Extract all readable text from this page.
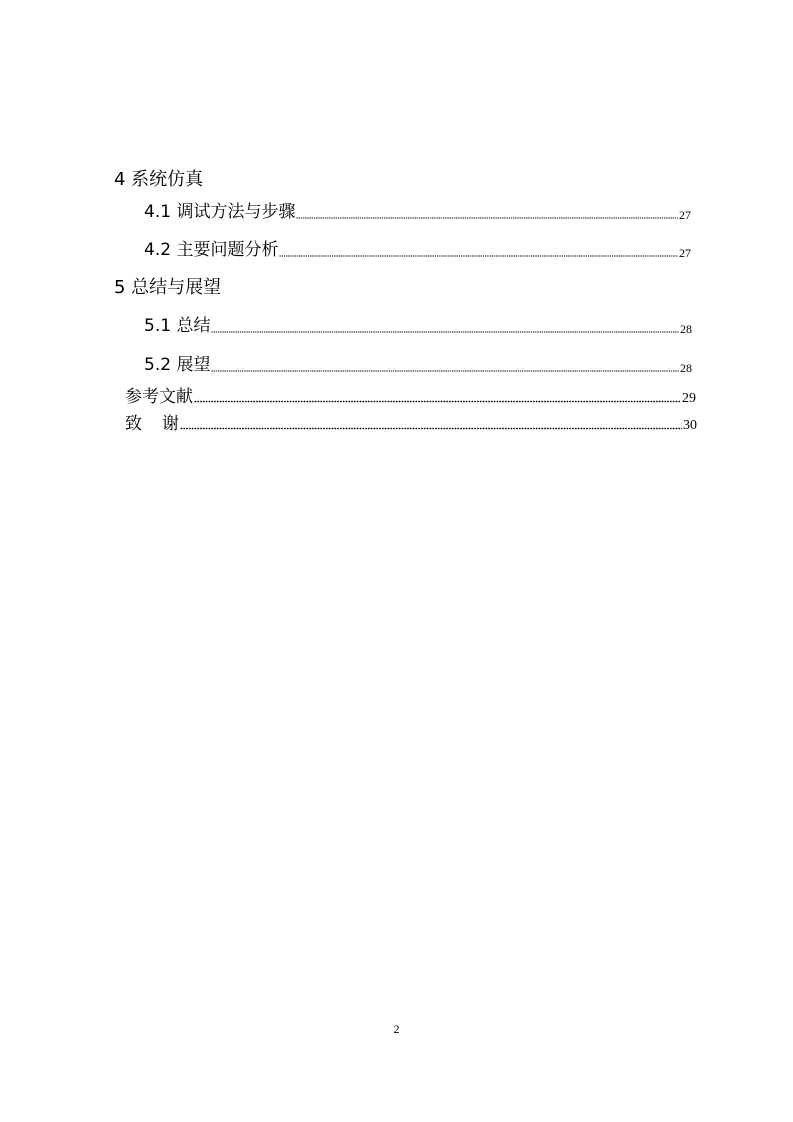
4 系统仿真
4.1 调试方法与步骤	27
4.2 主要问题分析	27
5 总结与展望
5.1 总结	28
5.2 展望	28
参考文献	29
致 谢	30
2
